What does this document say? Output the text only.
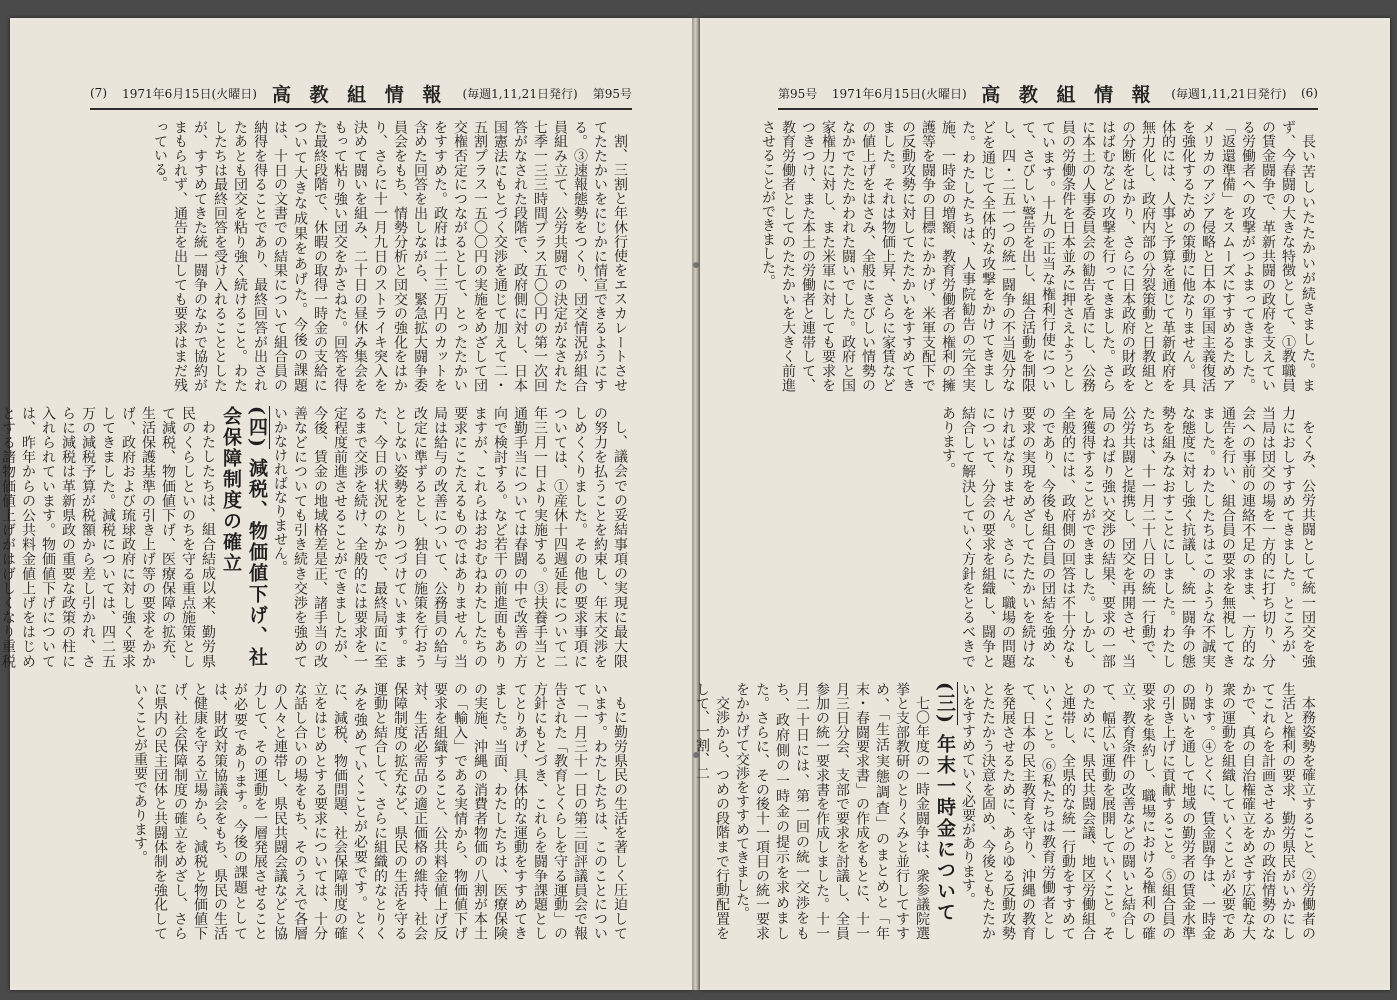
(7) 1971年6月15日(火曜日) 高 教 組 情 報 (毎週1,11,21日発行) 第95号

割、三割と年休行使をエスカレートさせてたたかいをにじかに情宣できるようにする。③速報態勢をつくり、団交情況が組合員組み立て、公労共闘での決定がなされた七季一三三時間プラス五〇〇円の第一次回答がなされた段階で、政府側に対し、日本国憲法にもとづく交渉を通じて加えて二・五割プラス一五〇〇円の実施をめざして団交権否定につながるとして、とったたかいをすすめた。政府は二十三万円のカットを含めた回答を出しながら、緊急拡大闘争委員会をもち、情勢分析と団交の強化をはかり、さらに十一月九日のストライキ突入を決めて闘いを組み、二十日の昼休み集会をもって粘り強い団交をかさねた。回答を得た最終段階で、休暇の取得一時金の支給について大きな成果をあげた。今後の課題は、十日の文書での結果について組合員の納得を得ることであり、最終回答が出されたあとも団交を粘り強く続けること。わたしたちは最終回答を受け入れることとしたが、すすめてきた統一闘争のなかで協約がまもられず、通告を出しても要求はまだ残っている。

し、議会での妥結事項の実現に最大限の努力を払うことを約束し、年末交渉をしめくくりました。その他の要求事項については、①産休十四週延長について二年三月一日より実施する。③扶養手当と通勤手当については春闘の中で改善の方向で検討する。など若干の前進面もありますが、これらはおおむねわたしたちの要求にこたえるものではありません。当局は給与の改善について、公務員の給与改定に準ずるとし、独自の施策を行おうとしない姿勢をとりつづけています。また、今日の状況のなかで、最終局面に至るまで交渉を続け、全般的には要求を一定程度前進させることができましたが、今後、賃金の地域格差是正、諸手当の改善などについても引き続き交渉を強めていかなければなりません。

(四) 減税、物価値下げ、社会保障制度の確立

わたしたちは、組合結成以来、勤労県民のくらしといのちを守る重点施策として減税、物価値下げ、医療保障の拡充、生活保護基準の引き上げ等の要求をかかげ、政府および琉球政府に対し強く要求してきました。減税については、四二五万の減税予算が税額から差し引かれ、さらに減税は革新県政の重要な政策の柱に入れられています。物価値下げについては、昨年からの公共料金値上げをはじめとする諸物価値上げがはげしくなり重税

もに勤労県民の生活を著しく圧迫しています。わたしたちは、このことについて「一月三十一日の第三回評議員会で報告された「教育とくらしを守る運動」の方針にもとづき、これらを闘争課題としてとりあげ、具体的な運動をすすめてきました。当面、わたしたちは、医療保険の実施、沖縄の消費者物価の八割が本土の「輸入」である実情から、物価値下げ要求を組織すること、公共料金値上げ反対、生活必需品の適正価格の維持、社会保障制度の拡充など、県民の生活を守る運動と結合して、さらに組織的なとりくみを強めていくことが必要です。とくに、減税、物価問題、社会保障制度の確立をはじめとする要求については、十分な話し合いの場をもち、そのうえで各層の人々と連帯し、県民共闘会議などと協力して、その運動を一層発展させることが必要であります。今後の課題としては、財政対策協議会をもち、県民の生活と健康を守る立場から、減税と物価値下げ、社会保障制度の確立をめざし、さらに県内の民主団体と共闘体制を強化していくことが重要であります。

第95号 1971年6月15日(火曜日) 高 教 組 情 報 (毎週1,11,21日発行) (6)

長い苦しいたたかいが続きました。まず、今春闘の大きな特徴として、①教職員の賃金闘争で、革新共闘の政府を支えている労働者への攻撃がつよまってきました。「返還準備」をスムーズにすすめるためアメリカのアジア侵略と日本の軍国主義復活を強化するための策動に他なりません。具体的には、人事と予算を通じて革新政府を無力化し、政府内部の分裂策動と日教組との分断をはかり、さらに日本政府の財政をはばむなどの攻撃を行ってきました。さらに本土の人事委員会の勧告を盾にし、公務員の労働条件を日本並みに押さえようとしています。十九の正当な権利行使について、さびしい警告を出し、組合活動を制限し、四・二五一つの統一闘争の不当処分などを通じて全体的な攻撃をかけてきました。わたしたちは、人事院勧告の完全実施、一時金の増額、教育労働者の権利の擁護等を闘争の目標にかかげ、米軍支配下での反動攻勢に対してたたかいをすすめてきました。それは物価上昇、さらに家賃などの値上げをはさみ、全般にきびしい情勢のなかでたたかわれた闘いでした。政府と国家権力に対し、また米軍に対しても要求をつきつけ、また本土の労働者と連帯して、教育労働者としてのたたかいを大きく前進させることができました。

をくみ、公労共闘として統一団交を強力におしすすめてきました。ところが、当局は団交の場を一方的に打ち切り、分会への事前の連絡不足のまま、一方的な通告を行い、組合員の要求を無視してきました。わたしたちはこのような不誠実な態度に対し強く抗議し、統一闘争の態勢を組みなおすことにしました。わたしたちは、十一月二十八日の統一行動で、公労共闘と提携し、団交を再開させ、当局のねばり強い交渉の結果、要求の一部を獲得することができました。しかし、全般的には、政府側の回答は不十分なものであり、今後も組合員の団結を強め、要求の実現をめざしてたたかいを続けなければなりません。さらに、職場の問題について、分会の要求を組織し、闘争と結合して解決していく方針をとるべきであります。

本務姿勢を確立すること、②労働者の生活と権利の要求、勤労県民がいかにしてこれらを計画させるかの政治情勢のなかで、真の自治権確立をめざす広範な大衆の運動を組織していくことが必要であります。④とくに、賃金闘争は、一時金の闘いを通して地域の勤労者の賃金水準の引き上げに貢献すること。⑤組合員の要求を集約し、職場における権利の確立、教育条件の改善などの闘いと結合して、幅広い運動を展開していくこと。そのために、県民共闘会議、地区労働組合と連帯し、全県的な統一行動をすすめていくこと。⑥私たちは教育労働者として、日本の民主教育を守り、沖縄の教育を発展させるために、あらゆる反動攻勢とたたかう決意を固め、今後ともたたかいをすすめていく必要があります。

(三) 年末一時金について

七〇年度の一時金闘争は、衆参議院選挙と支部教研のとりくみと並行してすすめ、「生活実態調査」のまとめと「年末・春闘要求書」の作成をもとに、十一月三日分会、支部で要求を討議し、全員参加の統一要求書を作成しました。十一月二十日には、第一回の統一交渉をもち、政府側の一時金の提示を求めました。さらに、その後十一項目の統一要求をかかげて交渉をすすめてきました。

交渉から、つめの段階まで行動配置をして、一割、二
